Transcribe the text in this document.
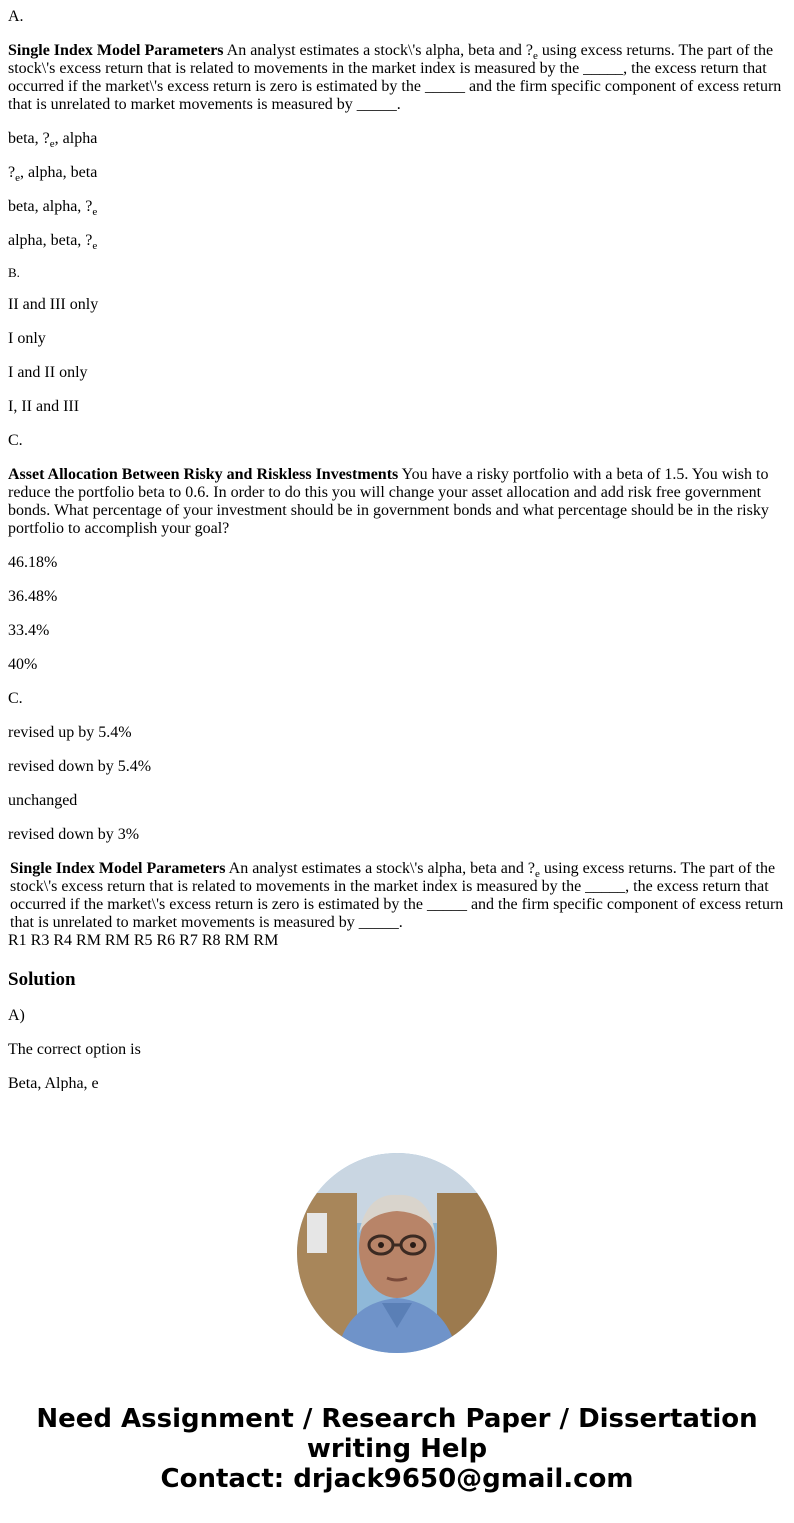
A.

Single Index Model Parameters An analyst estimates a stock\'s alpha, beta and $?_e$ using excess returns. The part of the stock\'s excess return that is related to movements in the market index is measured by the _____, the excess return that occurred if the market\'s excess return is zero is estimated by the _____ and the firm specific component of excess return that is unrelated to market movements is measured by _____.

beta, $?_e$, alpha

$?_e$, alpha, beta

beta, alpha, $?_e$

alpha, beta, $?_e$

B.

II and III only

I only

I and II only

I, II and III

C.

Asset Allocation Between Risky and Riskless Investments You have a risky portfolio with a beta of 1.5. You wish to reduce the portfolio beta to 0.6. In order to do this you will change your asset allocation and add risk free government bonds. What percentage of your investment should be in government bonds and what percentage should be in the risky portfolio to accomplish your goal?

46.18%

36.48%

33.4%

40%

C.

revised up by 5.4%

revised down by 5.4%

unchanged

revised down by 3%

Single Index Model Parameters An analyst estimates a stock\'s alpha, beta and $?_e$ using excess returns. The part of the stock\'s excess return that is related to movements in the market index is measured by the _____, the excess return that occurred if the market\'s excess return is zero is estimated by the _____ and the firm specific component of excess return that is unrelated to market movements is measured by _____.

R1 R3 R4 RM RM R5 R6 R7 R8 RM RM

Solution

A)

The correct option is

Beta, Alpha, e

Need Assignment / Research Paper / Dissertation
writing Help
Contact: drjack9650@gmail.com
